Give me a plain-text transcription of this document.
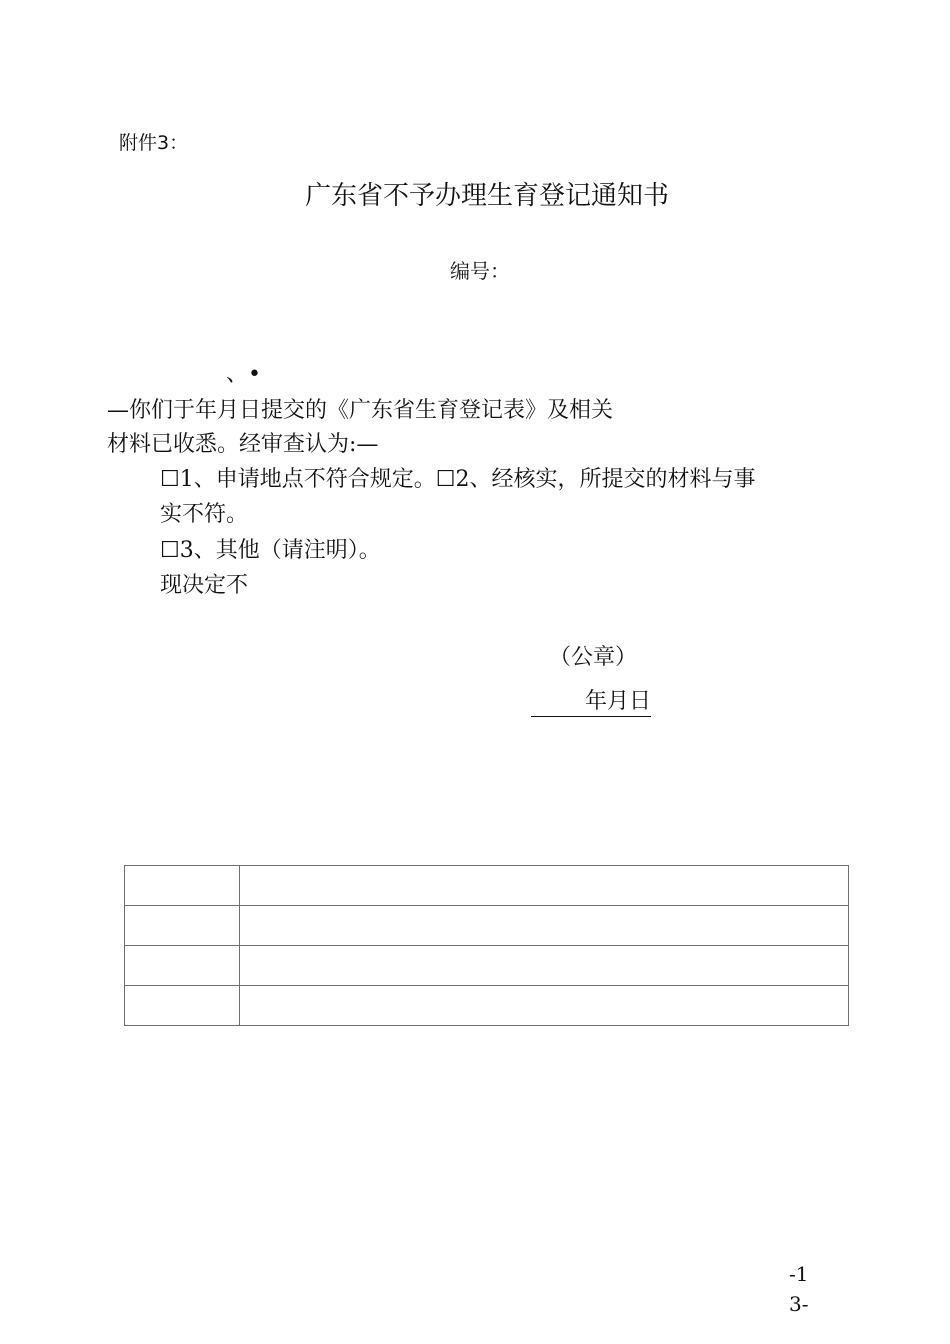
附件3：
广东省不予办理生育登记通知书
编号：
、•
—你们于年月日提交的《广东省生育登记表》及相关
材料已收悉。经审查认为:—
☐1、申请地点不符合规定。☐2、经核实，所提交的材料与事
实不符。
☐3、其他（请注明）。
现决定不
（公章）
年月日

-1
3-
